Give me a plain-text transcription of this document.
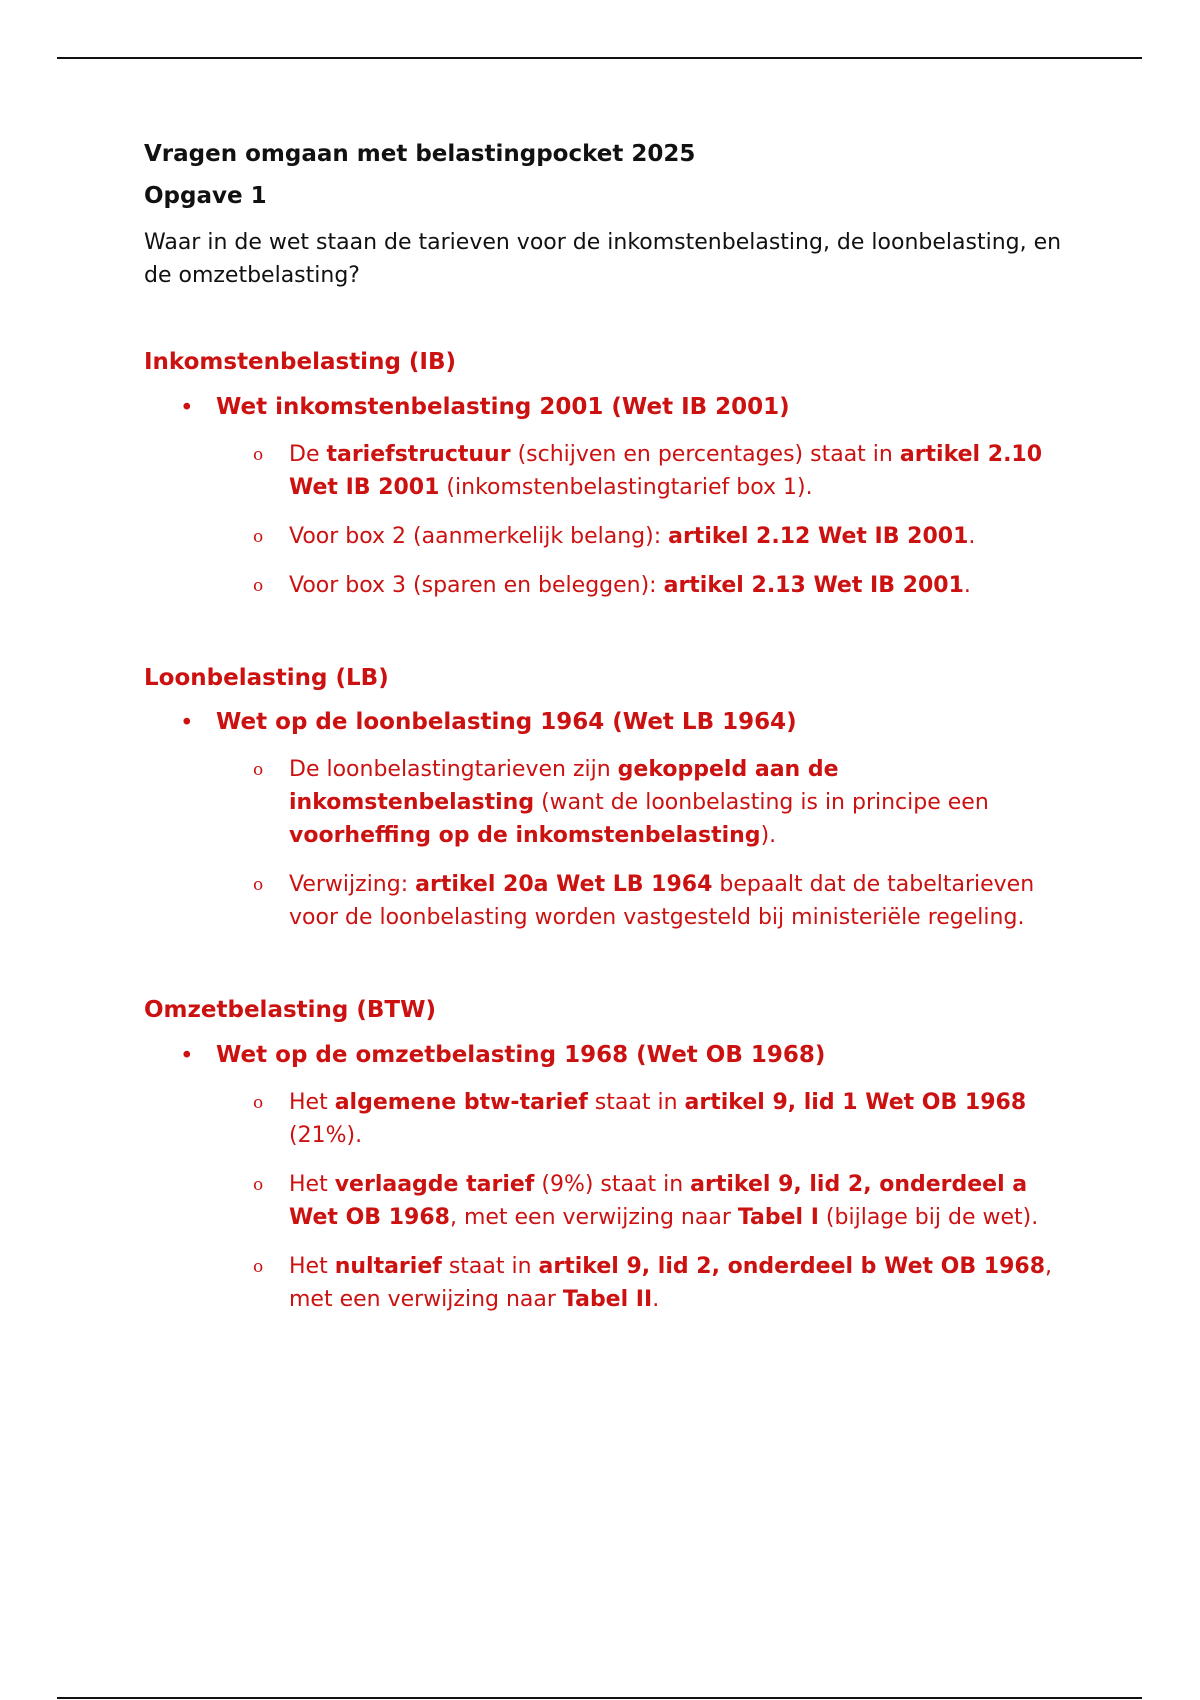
Vragen omgaan met belastingpocket 2025

Opgave 1

Waar in de wet staan de tarieven voor de inkomstenbelasting, de loonbelasting, en de omzetbelasting?

Inkomstenbelasting (IB)

• Wet inkomstenbelasting 2001 (Wet IB 2001)
o De tariefstructuur (schijven en percentages) staat in artikel 2.10 Wet IB 2001 (inkomstenbelastingtarief box 1).
o Voor box 2 (aanmerkelijk belang): artikel 2.12 Wet IB 2001.
o Voor box 3 (sparen en beleggen): artikel 2.13 Wet IB 2001.

Loonbelasting (LB)

• Wet op de loonbelasting 1964 (Wet LB 1964)
o De loonbelastingtarieven zijn gekoppeld aan de inkomstenbelasting (want de loonbelasting is in principe een voorheffing op de inkomstenbelasting).
o Verwijzing: artikel 20a Wet LB 1964 bepaalt dat de tabeltarieven voor de loonbelasting worden vastgesteld bij ministeriële regeling.

Omzetbelasting (BTW)

• Wet op de omzetbelasting 1968 (Wet OB 1968)
o Het algemene btw-tarief staat in artikel 9, lid 1 Wet OB 1968 (21%).
o Het verlaagde tarief (9%) staat in artikel 9, lid 2, onderdeel a Wet OB 1968, met een verwijzing naar Tabel I (bijlage bij de wet).
o Het nultarief staat in artikel 9, lid 2, onderdeel b Wet OB 1968, met een verwijzing naar Tabel II.
